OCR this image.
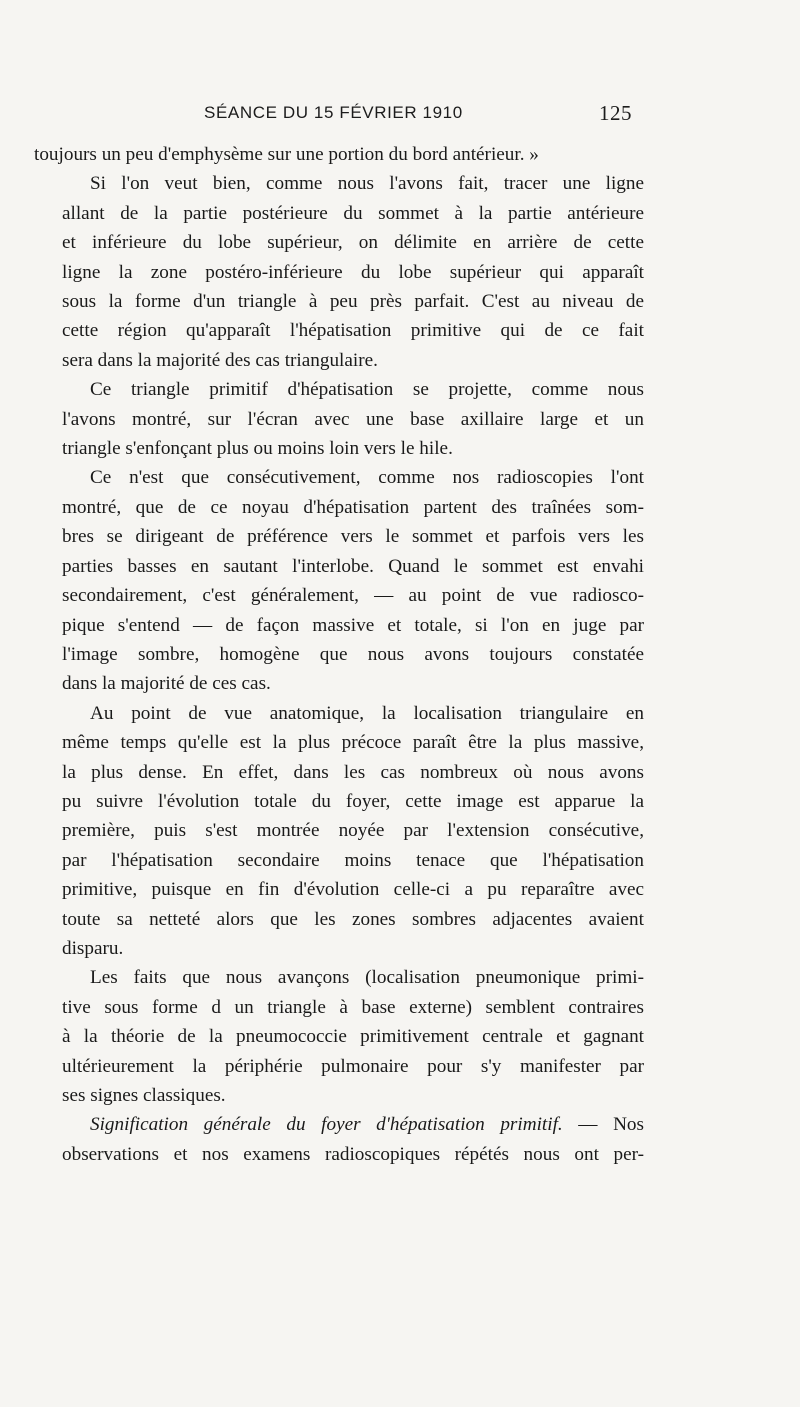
SÉANCE DU 15 FÉVRIER 1910	125
toujours un peu d'emphysème sur une portion du bord antérieur. »
Si l'on veut bien, comme nous l'avons fait, tracer une ligne
allant de la partie postérieure du sommet à la partie antérieure
et inférieure du lobe supérieur, on délimite en arrière de cette
ligne la zone postéro-inférieure du lobe supérieur qui apparaît
sous la forme d'un triangle à peu près parfait. C'est au niveau de
cette région qu'apparaît l'hépatisation primitive qui de ce fait
sera dans la majorité des cas triangulaire.
Ce triangle primitif d'hépatisation se projette, comme nous
l'avons montré, sur l'écran avec une base axillaire large et un
triangle s'enfonçant plus ou moins loin vers le hile.
Ce n'est que consécutivement, comme nos radioscopies l'ont
montré, que de ce noyau d'hépatisation partent des traînées som-
bres se dirigeant de préférence vers le sommet et parfois vers les
parties basses en sautant l'interlobe. Quand le sommet est envahi
secondairement, c'est généralement, — au point de vue radiosco-
pique s'entend — de façon massive et totale, si l'on en juge par
l'image sombre, homogène que nous avons toujours constatée
dans la majorité de ces cas.
Au point de vue anatomique, la localisation triangulaire en
même temps qu'elle est la plus précoce paraît être la plus massive,
la plus dense. En effet, dans les cas nombreux où nous avons
pu suivre l'évolution totale du foyer, cette image est apparue la
première, puis s'est montrée noyée par l'extension consécutive,
par l'hépatisation secondaire moins tenace que l'hépatisation
primitive, puisque en fin d'évolution celle-ci a pu reparaître avec
toute sa netteté alors que les zones sombres adjacentes avaient
disparu.
Les faits que nous avançons (localisation pneumonique primi-
tive sous forme d un triangle à base externe) semblent contraires
à la théorie de la pneumococcie primitivement centrale et gagnant
ultérieurement la périphérie pulmonaire pour s'y manifester par
ses signes classiques.
Signification générale du foyer d'hépatisation primitif. — Nos
observations et nos examens radioscopiques répétés nous ont per-
